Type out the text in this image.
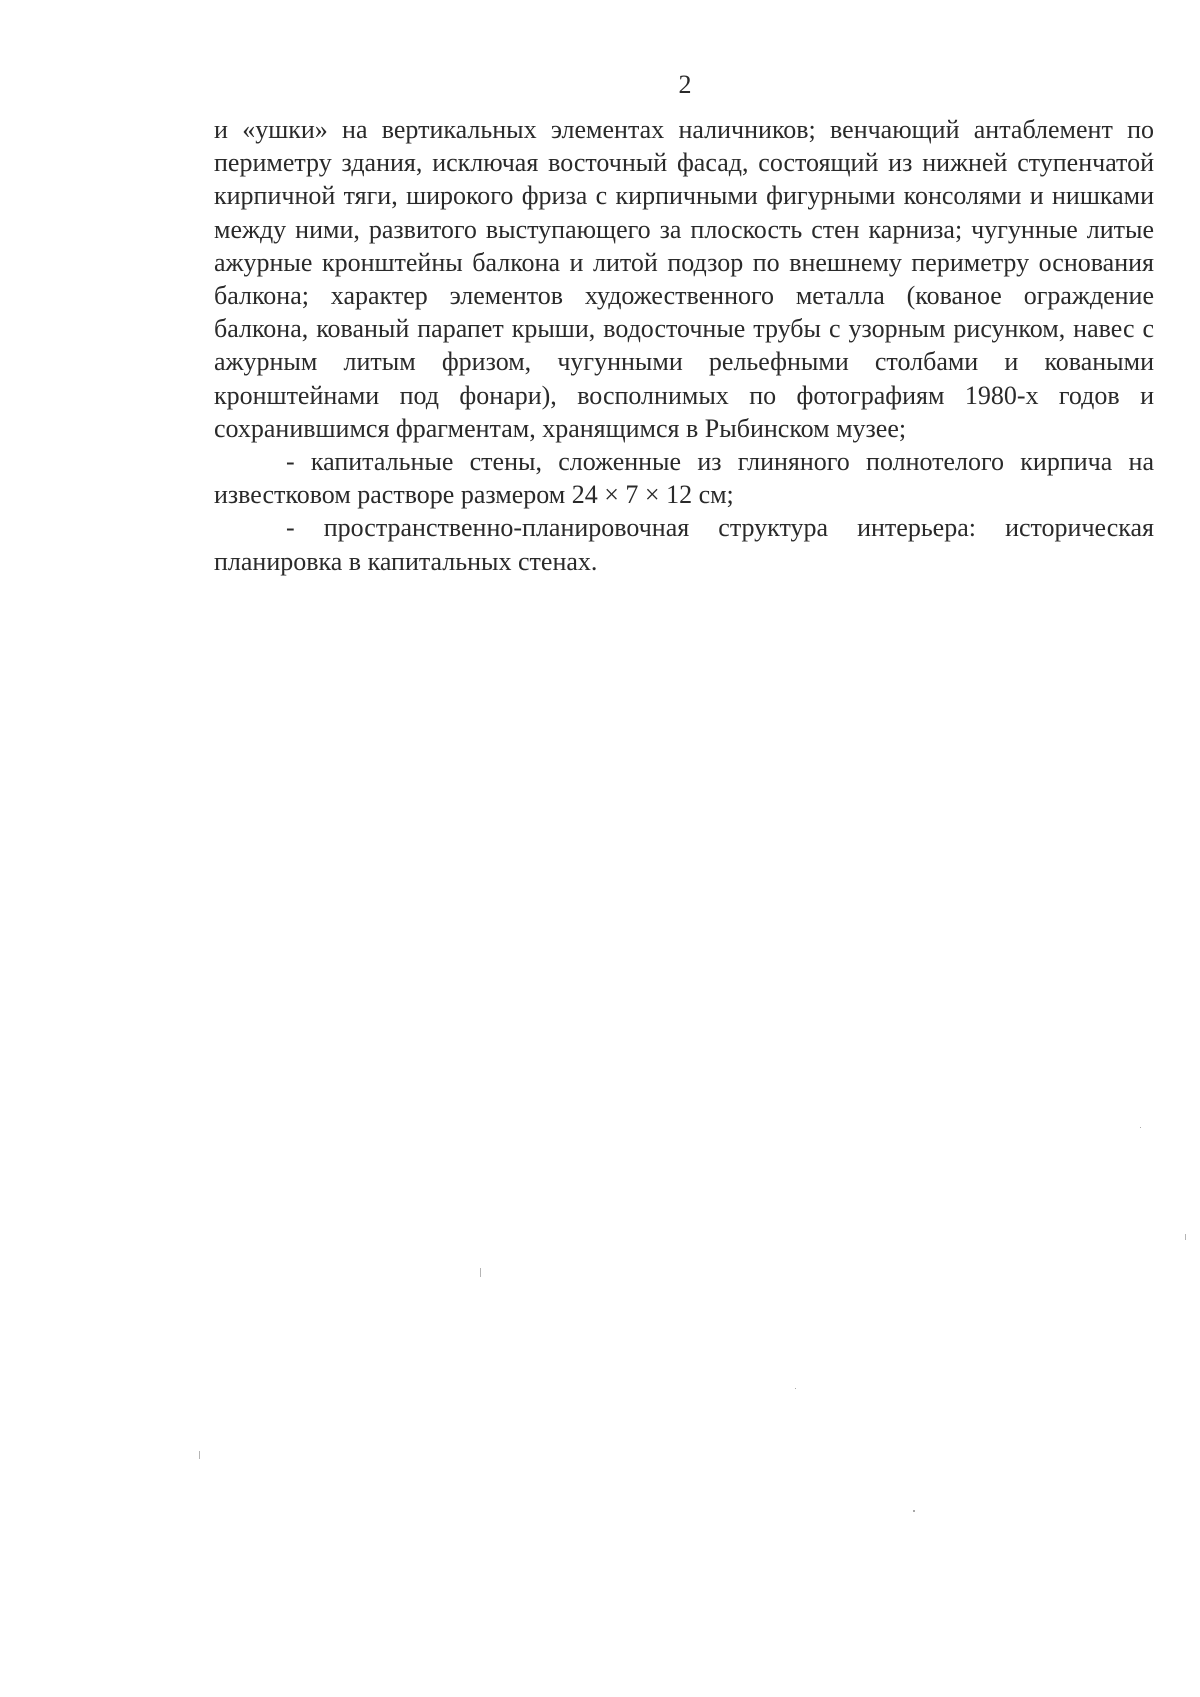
2

и «ушки» на вертикальных элементах наличников; венчающий антаблемент по периметру здания, исключая восточный фасад, состоящий из нижней ступенчатой кирпичной тяги, широкого фриза с кирпичными фигурными консолями и нишками между ними, развитого выступающего за плоскость стен карниза; чугунные литые ажурные кронштейны балкона и литой подзор по внешнему периметру основания балкона; характер элементов художественного металла (кованое ограждение балкона, кованый парапет крыши, водосточные трубы с узорным рисунком, навес с ажурным литым фризом, чугунными рельефными столбами и коваными кронштейнами под фонари), восполнимых по фотографиям 1980-х годов и сохранившимся фрагментам, хранящимся в Рыбинском музее;

- капитальные стены, сложенные из глиняного полнотелого кирпича на известковом растворе размером 24 × 7 × 12 см;

- пространственно-планировочная структура интерьера: историческая планировка в капитальных стенах.
